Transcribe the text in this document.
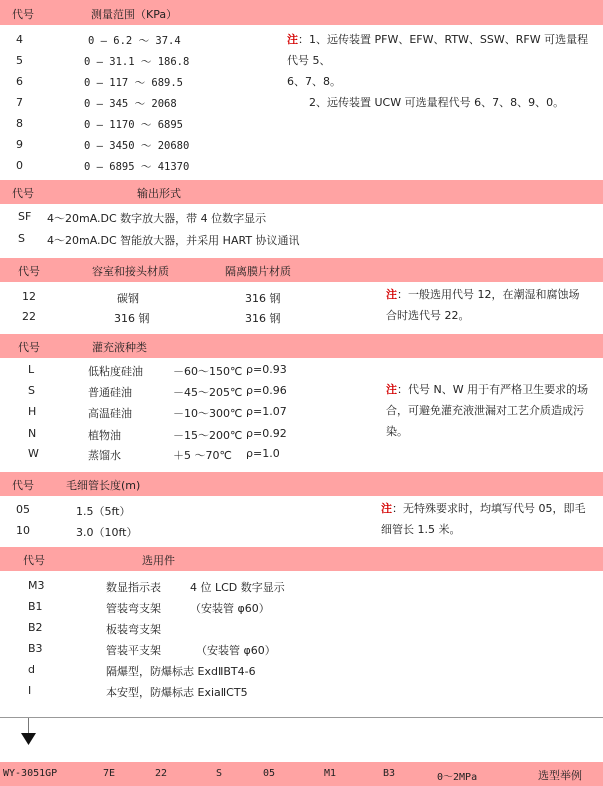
代号	测量范围（KPa）
4	0 — 6.2 ～ 37.4
5	0 — 31.1 ～ 186.8
6	0 — 117 ～ 689.5
7	0 — 345 ～ 2068
8	0 — 1170 ～ 6895
9	0 — 3450 ～ 20680
0	0 — 6895 ～ 41370
注：1、远传装置 PFW、EFW、RTW、SSW、RFW 可选量程代号 5、
6、7、8。
2、远传装置 UCW 可选量程代号 6、7、8、9、0。
代号	输出形式
SF 4～20mA.DC 数字放大器，带 4 位数字显示
S 4～20mA.DC 智能放大器，并采用 HART 协议通讯
代号	容室和接头材质	隔离膜片材质
12	碳钢	316 钢
22	316 钢	316 钢
注：一般选用代号 12，在潮湿和腐蚀场
合时选代号 22。
代号	灌充液种类
L	低粘度硅油	－60～150℃ ρ=0.93
S	普通硅油	－45～205℃ ρ=0.96
H	高温硅油	－10～300℃ ρ=1.07
N	植物油	－15～200℃ ρ=0.92
W	蒸馏水	＋5 ～70℃ ρ=1.0
注：代号 N、W 用于有严格卫生要求的场
合，可避免灌充液泄漏对工艺介质造成污
染。
代号	毛细管长度(m)
05	1.5（5ft）
10	3.0（10ft）
注：无特殊要求时，均填写代号 05，即毛
细管长 1.5 米。
代号	选用件
M3	数显指示表	4 位 LCD 数字显示
B1	管装弯支架	（安装管 φ60）
B2	板装弯支架
B3	管装平支架	（安装管 φ60）
d	隔爆型，防爆标志 ExdⅡBT4-6
I	本安型，防爆标志 ExiaⅡCT5
WY-3051GP	7E	22	S	05	M1	B3	0～2MPa	选型举例
